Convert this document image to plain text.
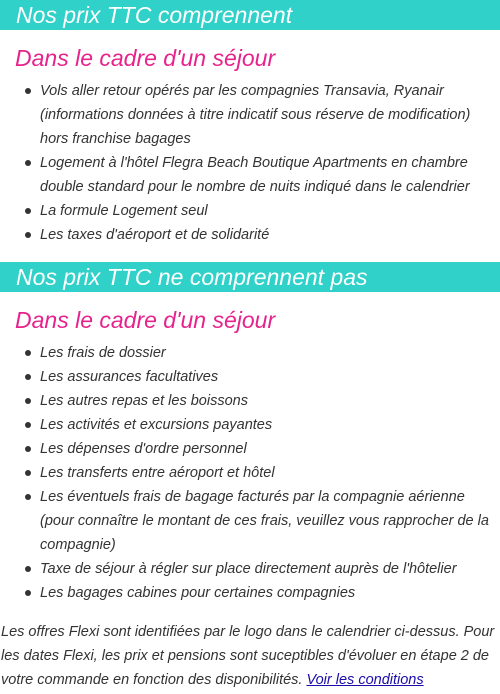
Nos prix TTC comprennent
Dans le cadre d'un séjour
Vols aller retour opérés par les compagnies Transavia, Ryanair (informations données à titre indicatif sous réserve de modification) hors franchise bagages
Logement à l'hôtel Flegra Beach Boutique Apartments en chambre double standard pour le nombre de nuits indiqué dans le calendrier
La formule Logement seul
Les taxes d'aéroport et de solidarité
Nos prix TTC ne comprennent pas
Dans le cadre d'un séjour
Les frais de dossier
Les assurances facultatives
Les autres repas et les boissons
Les activités et excursions payantes
Les dépenses d'ordre personnel
Les transferts entre aéroport et hôtel
Les éventuels frais de bagage facturés par la compagnie aérienne (pour connaître le montant de ces frais, veuillez vous rapprocher de la compagnie)
Taxe de séjour à régler sur place directement auprès de l'hôtelier
Les bagages cabines pour certaines compagnies
Les offres Flexi sont identifiées par le logo dans le calendrier ci-dessus. Pour les dates Flexi, les prix et pensions sont suceptibles d'évoluer en étape 2 de votre commande en fonction des disponibilités. Voir les conditions
